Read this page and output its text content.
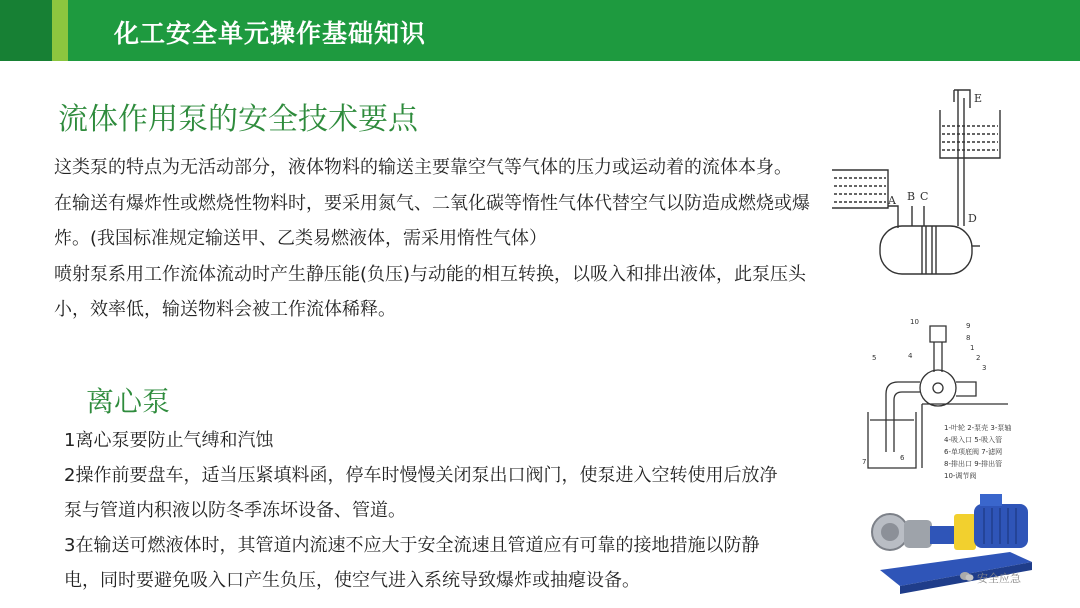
化工安全单元操作基础知识
流体作用泵的安全技术要点

这类泵的特点为无活动部分，液体物料的输送主要靠空气等气体的压力或运动着的流体本身。

在输送有爆炸性或燃烧性物料时，要采用氮气、二氧化碳等惰性气体代替空气以防造成燃烧或爆炸。(我国标准规定输送甲、乙类易燃液体，需采用惰性气体）

喷射泵系用工作流体流动时产生静压能(负压)与动能的相互转换，以吸入和排出液体，此泵压头小，效率低，输送物料会被工作流体稀释。

离心泵

1离心泵要防止气缚和汽蚀

2操作前要盘车，适当压紧填料函，停车时慢慢关闭泵出口阀门，使泵进入空转使用后放净泵与管道内积液以防冬季冻坏设备、管道。

3在输送可燃液体时，其管道内流速不应大于安全流速且管道应有可靠的接地措施以防静电，同时要避免吸入口产生负压，使空气进入系统导致爆炸或抽瘪设备。

A B C
D
E
10	9
8
5	4
3
2
1
7	6
1-叶轮 2-泵壳 3-泵轴
4-吸入口 5-吸入管
6-单项底阀 7-滤网
8-排出口 9-排出管
10-调节阀
安全应急
